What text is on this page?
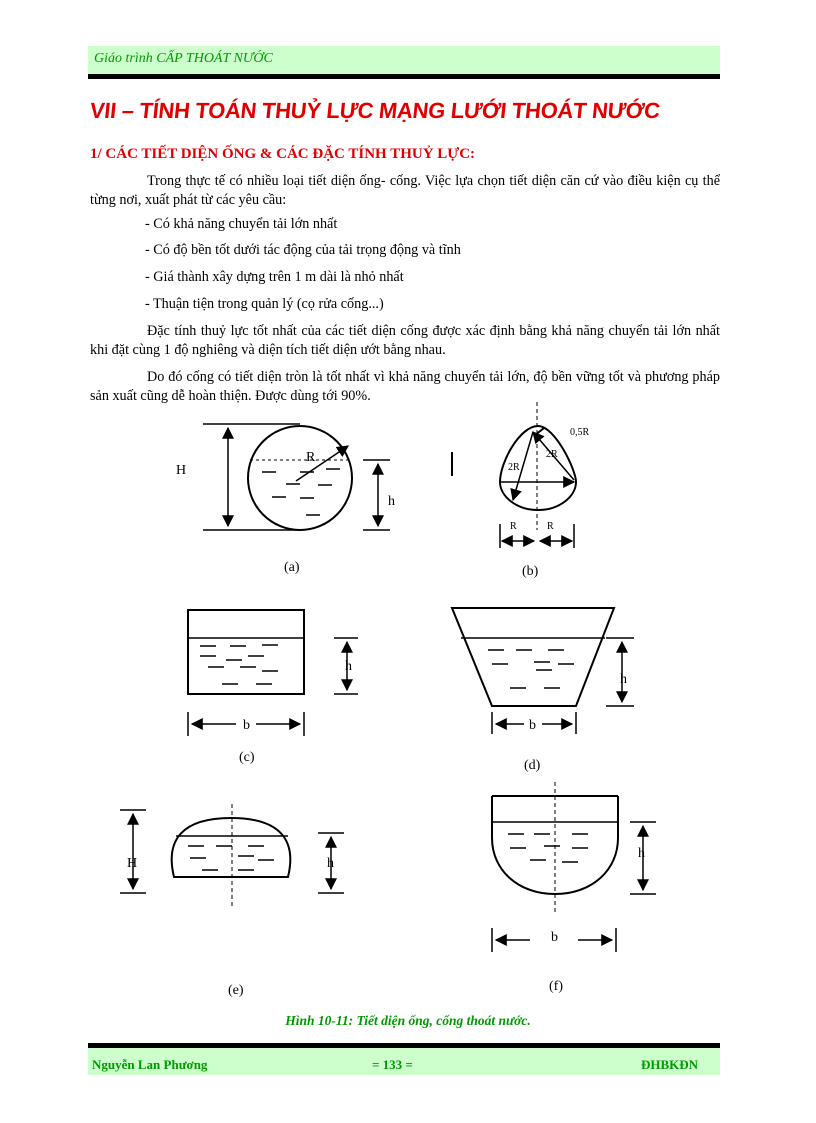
Giáo trình CẤP THOÁT NƯỚC
VII – TÍNH TOÁN THUỶ LỰC MẠNG LƯỚI THOÁT NƯỚC
1/ CÁC TIẾT DIỆN ỐNG & CÁC ĐẶC TÍNH THUỶ LỰC:
Trong thực tế có nhiều loại tiết diện ống- cống. Việc lựa chọn tiết diện căn cứ vào điều kiện cụ thể từng nơi, xuất phát từ các yêu cầu:
- Có khả năng chuyển tải lớn nhất
- Có độ bền tốt dưới tác động của tải trọng động và tĩnh
- Giá thành xây dựng trên 1 m dài là nhỏ nhất
- Thuận tiện trong quản lý (cọ rửa cống...)
Đặc tính thuỷ lực tốt nhất của các tiết diện cống được xác định bằng khả năng chuyển tải lớn nhất khi đặt cùng 1 độ nghiêng và diện tích tiết diện ướt bằng nhau.
Do đó cống có tiết diện tròn là tốt nhất vì khả năng chuyển tải lớn, độ bền vững tốt và phương pháp sản xuất cũng dễ hoàn thiện. Được dùng tới 90%.
H
R
h
(a)
0,5R
2R
2R
R	R
(b)
h
b
(c)
h
b
(d)
H	h
(e)
h
b
(f)
Hình 10-11: Tiết diện ống, cống thoát nước.
Nguyễn Lan Phương	= 133 =	ĐHBKĐN
